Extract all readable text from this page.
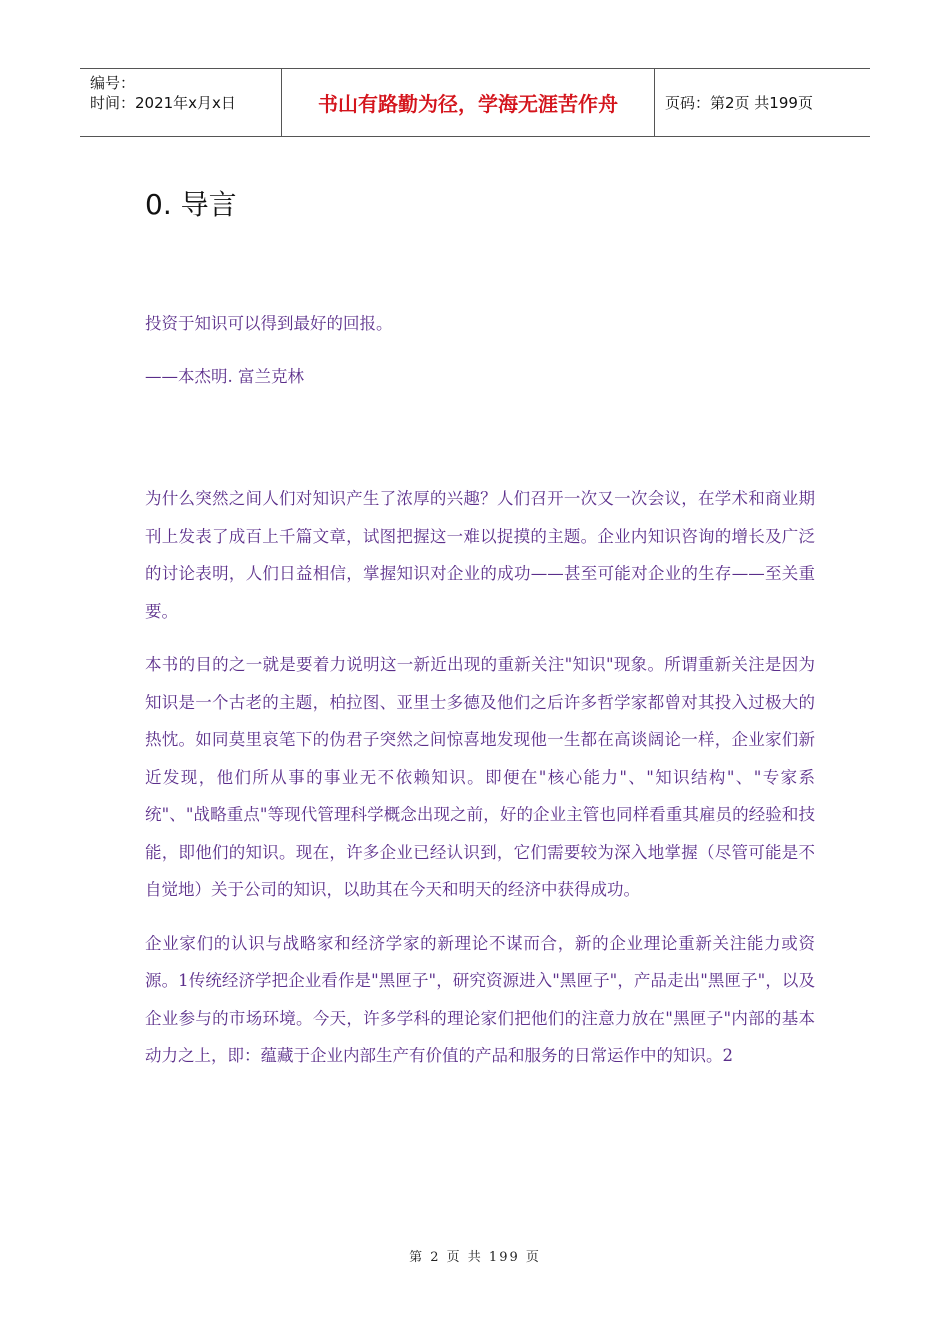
编号：
时间：2021年x月x日	书山有路勤为径，学海无涯苦作舟	页码：第2页 共199页
0. 导言

投资于知识可以得到最好的回报。

——本杰明. 富兰克林

为什么突然之间人们对知识产生了浓厚的兴趣？人们召开一次又一次会议，在学术和商业期刊上发表了成百上千篇文章，试图把握这一难以捉摸的主题。企业内知识咨询的增长及广泛的讨论表明，人们日益相信，掌握知识对企业的成功——甚至可能对企业的生存——至关重要。

本书的目的之一就是要着力说明这一新近出现的重新关注"知识"现象。所谓重新关注是因为知识是一个古老的主题，柏拉图、亚里士多德及他们之后许多哲学家都曾对其投入过极大的热忱。如同莫里哀笔下的伪君子突然之间惊喜地发现他一生都在高谈阔论一样，企业家们新近发现，他们所从事的事业无不依赖知识。即便在"核心能力"、"知识结构"、"专家系统"、"战略重点"等现代管理科学概念出现之前，好的企业主管也同样看重其雇员的经验和技能，即他们的知识。现在，许多企业已经认识到，它们需要较为深入地掌握（尽管可能是不自觉地）关于公司的知识，以助其在今天和明天的经济中获得成功。

企业家们的认识与战略家和经济学家的新理论不谋而合，新的企业理论重新关注能力或资源。1传统经济学把企业看作是"黑匣子"，研究资源进入"黑匣子"，产品走出"黑匣子"，以及企业参与的市场环境。今天，许多学科的理论家们把他们的注意力放在"黑匣子"内部的基本动力之上，即：蕴藏于企业内部生产有价值的产品和服务的日常运作中的知识。2

第 2 页 共 199 页
